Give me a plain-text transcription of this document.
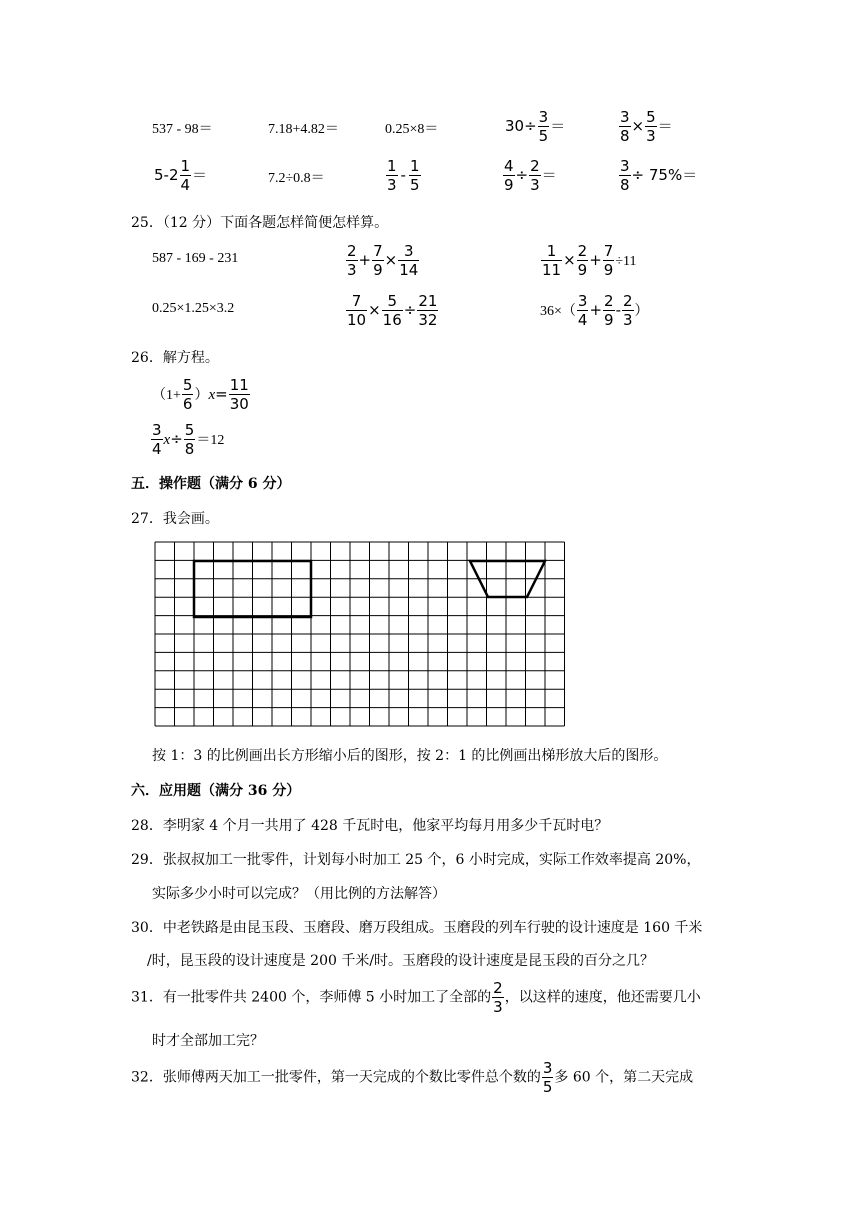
537 - 98＝	7.18+4.82＝	0.25×8＝	$30\div \frac{3}{5}$ ＝	$\frac{3}{8} \times \frac{5}{3}$ ＝
$5-2 \frac{1}{4}$ ＝	7.2÷0.8＝	$\frac{1}{3} - \frac{1}{5}$	$\frac{4}{9} \div \frac{2}{3}$ ＝	$\frac{3}{8} \div 75\%=$
25．（12 分）下面各题怎样简便怎样算。
587 - 169 - 231	$\frac{2}{3} + \frac{7}{9} \times \frac{3}{14}$	$\frac{1}{11} \times \frac{2}{9} + \frac{7}{9} \div 11$
0.25×1.25×3.2	$\frac{7}{10} \times \frac{5}{16} \div \frac{21}{32}$	$36\times( \frac{3}{4} + \frac{2}{9} - \frac{2}{3}$ ）
26．解方程。
$(1+ \frac{5}{6} )x= \frac{11}{30}$
$\frac{3}{4} x\div \frac{5}{8} =12$
五．操作题（满分 6 分）
27．我会画。
按 1：3 的比例画出长方形缩小后的图形，按 2：1 的比例画出梯形放大后的图形。
六．应用题（满分 36 分）
28．李明家 4 个月一共用了 428 千瓦时电，他家平均每月用多少千瓦时电？
29．张叔叔加工一批零件，计划每小时加工 25 个，6 小时完成，实际工作效率提高 20%，
实际多少小时可以完成？（用比例的方法解答）
30．中老铁路是由昆玉段、玉磨段、磨万段组成。玉磨段的列车行驶的设计速度是 160 千米
/时，昆玉段的设计速度是 200 千米/时。玉磨段的设计速度是昆玉段的百分之几？
31．有一批零件共 2400 个，李师傅 5 小时加工了全部的 $\frac{2}{3}$ ，以这样的速度，他还需要几小
时才全部加工完？
32．张师傅两天加工一批零件，第一天完成的个数比零件总个数的 $\frac{3}{5}$ 多 60 个，第二天完成
